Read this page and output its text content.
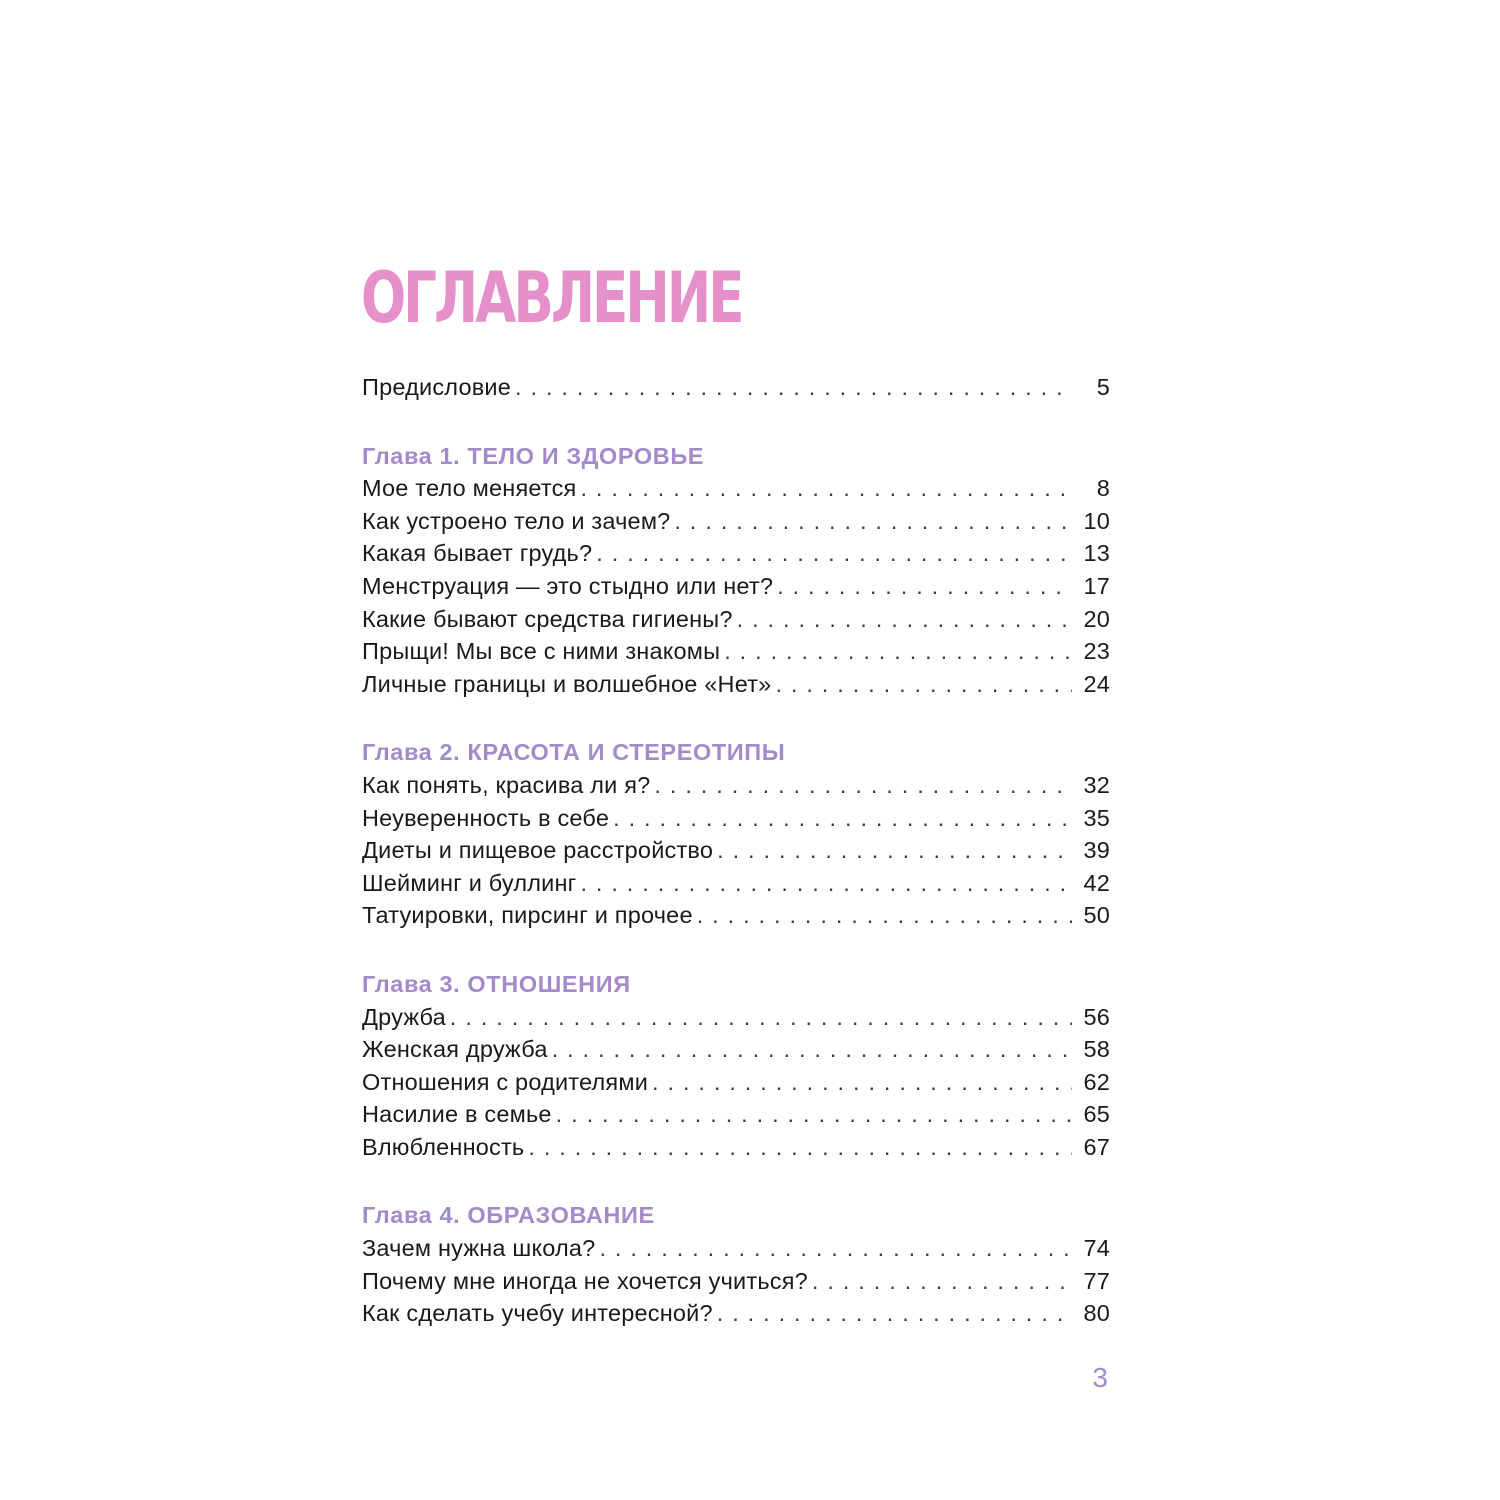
ОГЛАВЛЕНИЕ
Предисловие . . .	5
Глава 1. ТЕЛО И ЗДОРОВЬЕ
Мое тело меняется . . .	8
Как устроено тело и зачем? . . .	10
Какая бывает грудь? . . .	13
Менструация — это стыдно или нет? . . .	17
Какие бывают средства гигиены? . . .	20
Прыщи! Мы все с ними знакомы . . .	23
Личные границы и волшебное «Нет» . . .	24
Глава 2. КРАСОТА И СТЕРЕОТИПЫ
Как понять, красива ли я? . . .	32
Неуверенность в себе . . .	35
Диеты и пищевое расстройство . . .	39
Шейминг и буллинг . . .	42
Татуировки, пирсинг и прочее . . .	50
Глава 3. ОТНОШЕНИЯ
Дружба . . .	56
Женская дружба . . .	58
Отношения с родителями . . .	62
Насилие в семье . . .	65
Влюбленность . . .	67
Глава 4. ОБРАЗОВАНИЕ
Зачем нужна школа? . . .	74
Почему мне иногда не хочется учиться? . . .	77
Как сделать учебу интересной? . . .	80
3
